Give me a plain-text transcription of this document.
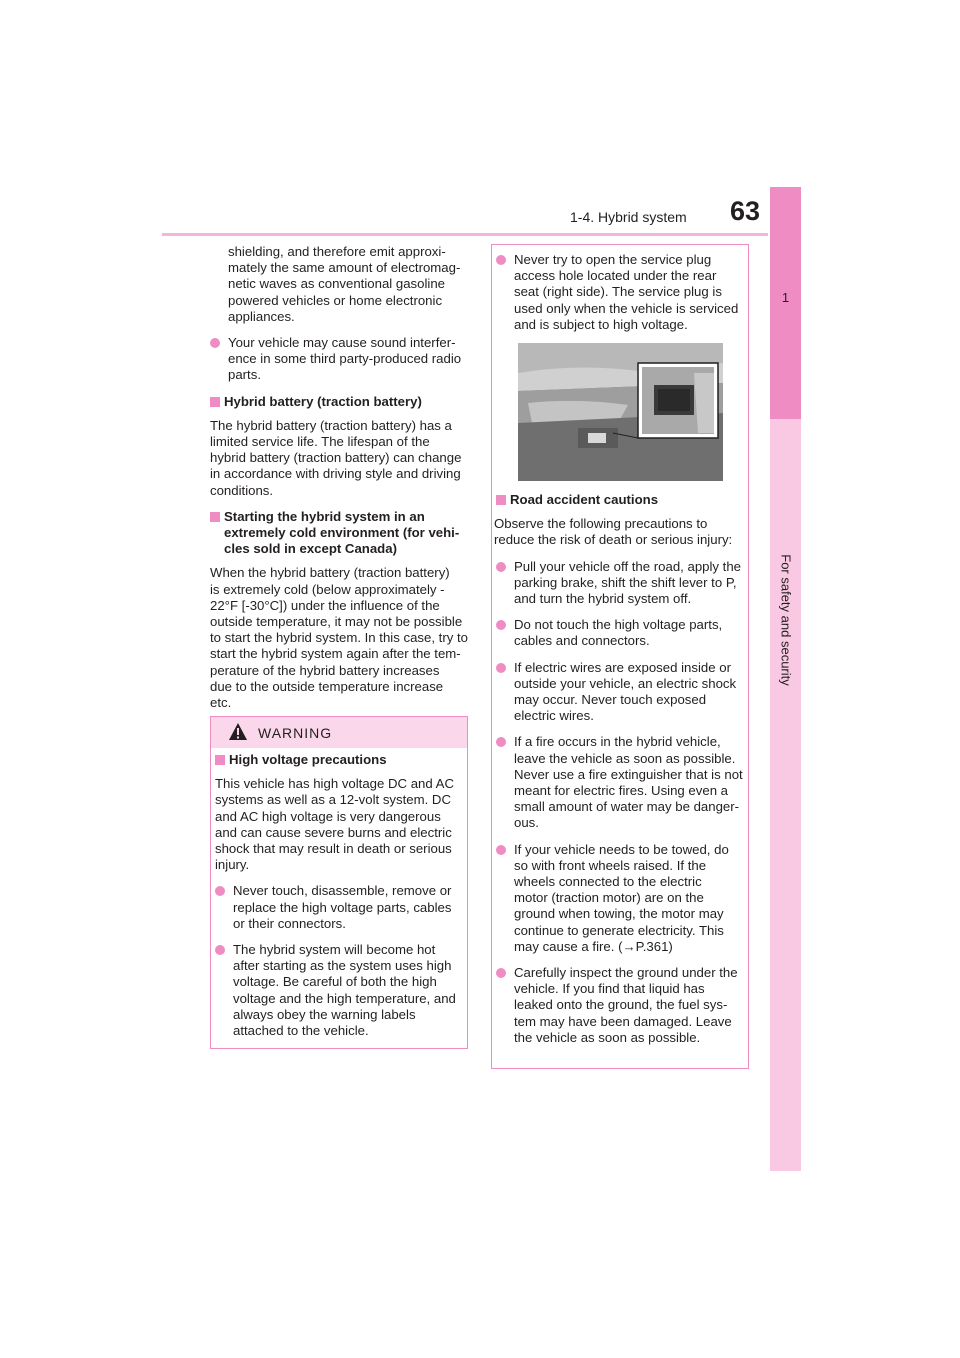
1-4. Hybrid system 63
1
For safety and security

shielding, and therefore emit approxi-
mately the same amount of electromag-
netic waves as conventional gasoline
powered vehicles or home electronic
appliances.

Your vehicle may cause sound interfer-
ence in some third party-produced radio
parts.

Hybrid battery (traction battery)

The hybrid battery (traction battery) has a
limited service life. The lifespan of the
hybrid battery (traction battery) can change
in accordance with driving style and driving
conditions.

Starting the hybrid system in an
extremely cold environment (for vehi-
cles sold in except Canada)

When the hybrid battery (traction battery)
is extremely cold (below approximately -
22°F [-30°C]) under the influence of the
outside temperature, it may not be possible
to start the hybrid system. In this case, try to
start the hybrid system again after the tem-
perature of the hybrid battery increases
due to the outside temperature increase
etc.

WARNING

High voltage precautions

This vehicle has high voltage DC and AC
systems as well as a 12-volt system. DC
and AC high voltage is very dangerous
and can cause severe burns and electric
shock that may result in death or serious
injury.

Never touch, disassemble, remove or
replace the high voltage parts, cables
or their connectors.

The hybrid system will become hot
after starting as the system uses high
voltage. Be careful of both the high
voltage and the high temperature, and
always obey the warning labels
attached to the vehicle.

Never try to open the service plug
access hole located under the rear
seat (right side). The service plug is
used only when the vehicle is serviced
and is subject to high voltage.

Road accident cautions

Observe the following precautions to
reduce the risk of death or serious injury:

Pull your vehicle off the road, apply the
parking brake, shift the shift lever to P,
and turn the hybrid system off.

Do not touch the high voltage parts,
cables and connectors.

If electric wires are exposed inside or
outside your vehicle, an electric shock
may occur. Never touch exposed
electric wires.

If a fire occurs in the hybrid vehicle,
leave the vehicle as soon as possible.
Never use a fire extinguisher that is not
meant for electric fires. Using even a
small amount of water may be danger-
ous.

If your vehicle needs to be towed, do
so with front wheels raised. If the
wheels connected to the electric
motor (traction motor) are on the
ground when towing, the motor may
continue to generate electricity. This
may cause a fire. (→P.361)

Carefully inspect the ground under the
vehicle. If you find that liquid has
leaked onto the ground, the fuel sys-
tem may have been damaged. Leave
the vehicle as soon as possible.
